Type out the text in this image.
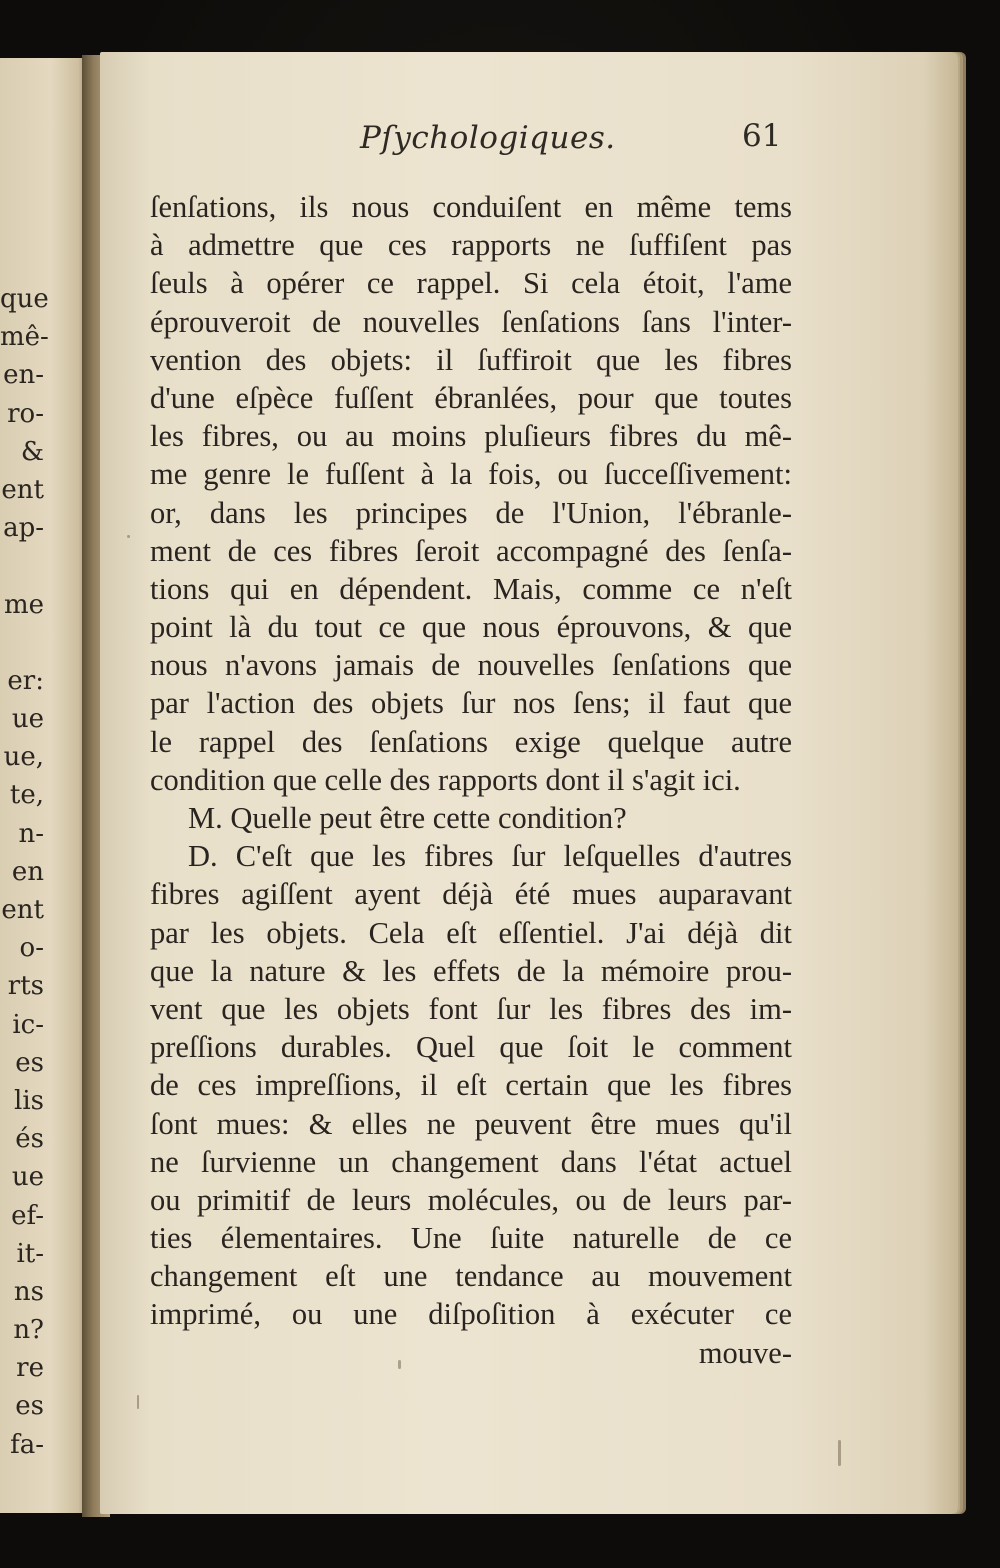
que
mê-
en-
ro-
&
ent
ap-
me
er:
ue
ue,
te,
n-
en
ent
o-
rts
ic-
es
lis
és
ue
ef-
it-
ns
n?
re
es
fa-
Pſychologiques.	61
ſenſations, ils nous conduiſent en même tems
à admettre que ces rapports ne ſuffiſent pas
ſeuls à opérer ce rappel. Si cela étoit, l'ame
éprouveroit de nouvelles ſenſations ſans l'inter-
vention des objets: il ſuffiroit que les fibres
d'une eſpèce fuſſent ébranlées, pour que toutes
les fibres, ou au moins pluſieurs fibres du mê-
me genre le fuſſent à la fois, ou ſucceſſivement:
or, dans les principes de l'Union, l'ébranle-
ment de ces fibres ſeroit accompagné des ſenſa-
tions qui en dépendent. Mais, comme ce n'eſt
point là du tout ce que nous éprouvons, & que
nous n'avons jamais de nouvelles ſenſations que
par l'action des objets ſur nos ſens; il faut que
le rappel des ſenſations exige quelque autre
condition que celle des rapports dont il s'agit ici.
M. Quelle peut être cette condition?
D. C'eſt que les fibres ſur leſquelles d'autres
fibres agiſſent ayent déjà été mues auparavant
par les objets. Cela eſt eſſentiel. J'ai déjà dit
que la nature & les effets de la mémoire prou-
vent que les objets font ſur les fibres des im-
preſſions durables. Quel que ſoit le comment
de ces impreſſions, il eſt certain que les fibres
ſont mues: & elles ne peuvent être mues qu'il
ne ſurvienne un changement dans l'état actuel
ou primitif de leurs molécules, ou de leurs par-
ties élementaires. Une ſuite naturelle de ce
changement eſt une tendance au mouvement
imprimé, ou une diſpoſition à exécuter ce
mouve-
